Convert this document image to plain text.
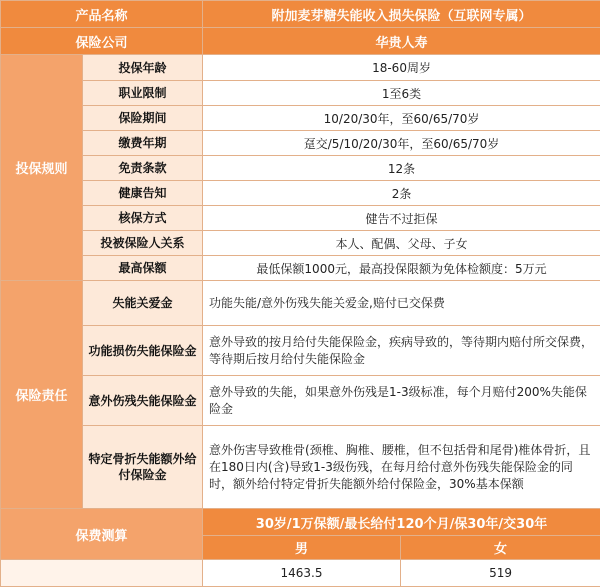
产品名称		附加麦芽糖失能收入损失保险（互联网专属）	
保险公司		华贵人寿	
投保规则	投保年龄	18-60周岁	
	职业限制	1至6类	
	保险期间	10/20/30年，至60/65/70岁	
	缴费年期	趸交/5/10/20/30年，至60/65/70岁	
	免责条款	12条	
	健康告知	2条	
	核保方式	健告不过拒保	
	投被保险人关系	本人、配偶、父母、子女	
	最高保额	最低保额1000元，最高投保限额为免体检额度：5万元	
保险责任	失能关爱金	功能失能/意外伤残失能关爱金,赔付已交保费	
	功能损伤失能保险金	意外导致的按月给付失能保险金，疾病导致的，等待期内赔付所交保费，等待期后按月给付失能保险金	
	意外伤残失能保险金	意外导致的失能，如果意外伤残是1-3级标准，每个月赔付200%失能保险金	
	特定骨折失能额外给付保险金	意外伤害导致椎骨(颈椎、胸椎、腰椎，但不包括骨和尾骨)椎体骨折，且在180日内(含)导致1-3级伤残，在每月给付意外伤残失能保险金的同时，额外给付特定骨折失能额外给付保险金，30%基本保额	
保费测算		30岁/1万保额/最长给付120个月/保30年/交30年	
		男	女
		1463.5	519
